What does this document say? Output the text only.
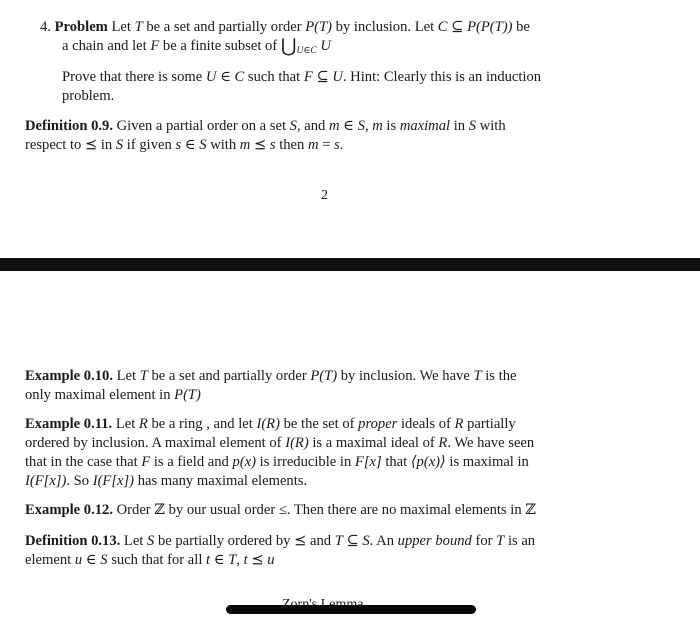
4. Problem Let T be a set and partially order P(T) by inclusion. Let C ⊆ P(P(T)) be
a chain and let F be a finite subset of $⋃_{U\in C}$ U
Prove that there is some U ∈ C such that F ⊆ U. Hint: Clearly this is an induction
problem.
Definition 0.9. Given a partial order on a set S, and m ∈ S, m is maximal in S with
respect to ⪯ in S if given s ∈ S with m ⪯ s then m = s.
2
Example 0.10. Let T be a set and partially order P(T) by inclusion. We have T is the
only maximal element in P(T)
Example 0.11. Let R be a ring , and let I(R) be the set of proper ideals of R partially
ordered by inclusion. A maximal element of I(R) is a maximal ideal of R. We have seen
that in the case that F is a field and p(x) is irreducible in F[x] that ⟨p(x)⟩ is maximal in
I(F[x]). So I(F[x]) has many maximal elements.
Example 0.12. Order ℤ by our usual order ≤. Then there are no maximal elements in ℤ
Definition 0.13. Let S be partially ordered by ⪯ and T ⊆ S. An upper bound for T is an
element u ∈ S such that for all t ∈ T, t ⪯ u
